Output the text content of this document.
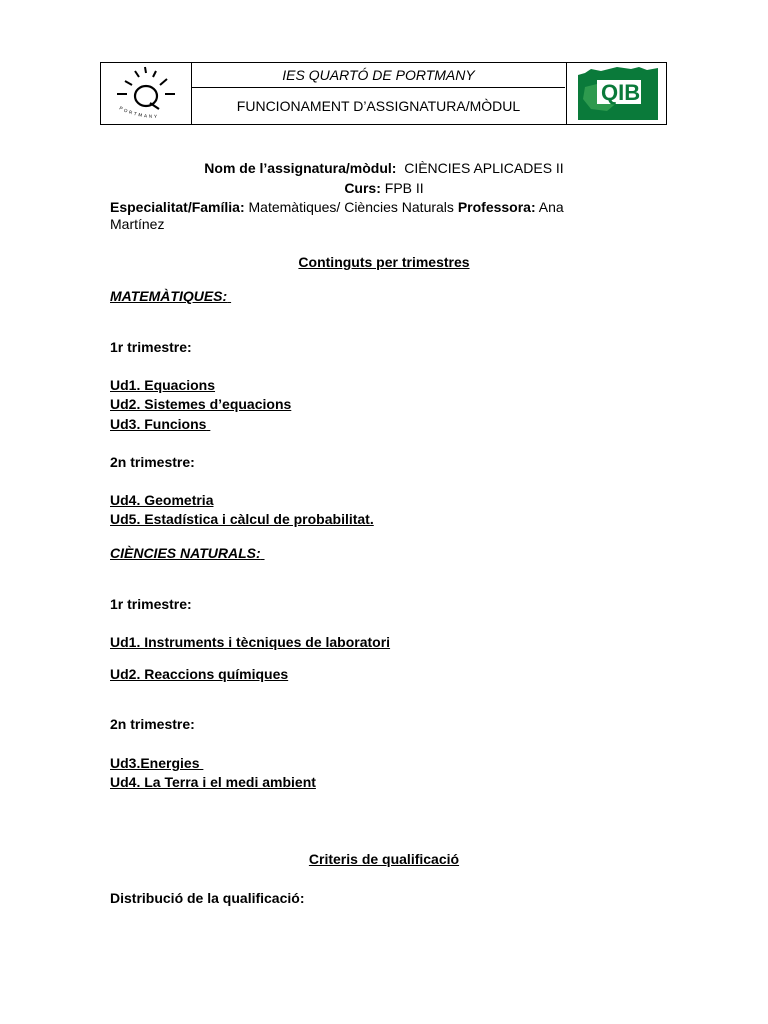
PORTMANY
IES QUARTÓ DE PORTMANY
FUNCIONAMENT D’ASSIGNATURA/MÒDUL
QIB
Nom de l’assignatura/mòdul: CIÈNCIES APLICADES II
Curs: FPB II
Especialitat/Família: Matemàtiques/ Ciències Naturals Professora: Ana
Martínez
Continguts per trimestres
MATEMÀTIQUES:
1r trimestre:
Ud1. Equacions
Ud2. Sistemes d’equacions
Ud3. Funcions
2n trimestre:
Ud4. Geometria
Ud5. Estadística i càlcul de probabilitat.
CIÈNCIES NATURALS:
1r trimestre:
Ud1. Instruments i tècniques de laboratori
Ud2. Reaccions químiques
2n trimestre:
Ud3.Energies
Ud4. La Terra i el medi ambient
Criteris de qualificació
Distribució de la qualificació:
